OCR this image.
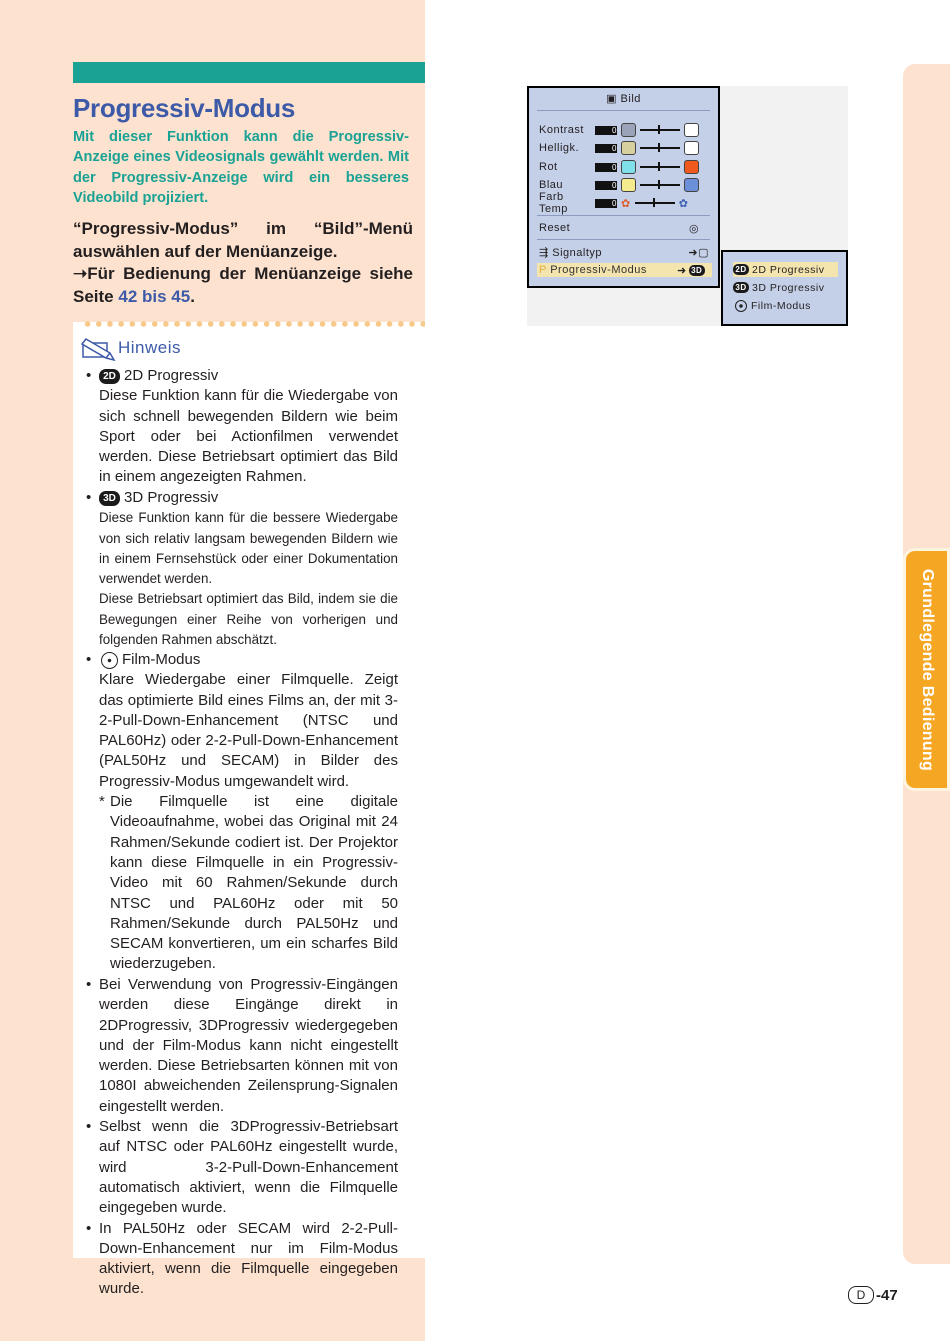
Progressiv-Modus
Mit dieser Funktion kann die Progressiv-Anzeige eines Videosignals gewählt werden. Mit der Progressiv-Anzeige wird ein besseres Videobild projiziert.
“Progressiv-Modus” im “Bild”-Menü auswählen auf der Menüanzeige.
➝Für Bedienung der Menüanzeige siehe Seite 42 bis 45.
Hinweis
•	2D 2D Progressiv
Diese Funktion kann für die Wiedergabe von sich schnell bewegenden Bildern wie beim Sport oder bei Actionfilmen verwendet werden. Diese Betriebsart optimiert das Bild in einem angezeigten Rahmen.
•	3D 3D Progressiv
Diese Funktion kann für die bessere Wiedergabe von sich relativ langsam bewegenden Bildern wie in einem Fernsehstück oder einer Dokumentation verwendet werden.
Diese Betriebsart optimiert das Bild, indem sie die Bewegungen einer Reihe von vorherigen und folgenden Rahmen abschätzt.
•	Film-Modus
Klare Wiedergabe einer Filmquelle. Zeigt das optimierte Bild eines Films an, der mit 3-2-Pull-Down-Enhancement (NTSC und PAL60Hz) oder 2-2-Pull-Down-Enhancement (PAL50Hz und SECAM) in Bilder des Progressiv-Modus umgewandelt wird.
* Die Filmquelle ist eine digitale Videoaufnahme, wobei das Original mit 24 Rahmen/Sekunde codiert ist. Der Projektor kann diese Filmquelle in ein Progressiv-Video mit 60 Rahmen/Sekunde durch NTSC und PAL60Hz oder mit 50 Rahmen/Sekunde durch PAL50Hz und SECAM konvertieren, um ein scharfes Bild wiederzugeben.
• Bei Verwendung von Progressiv-Eingängen werden diese Eingänge direkt in 2DProgressiv, 3DProgressiv wiedergegeben und der Film-Modus kann nicht eingestellt werden. Diese Betriebsarten können mit von 1080I abweichenden Zeilensprung-Signalen eingestellt werden.
• Selbst wenn die 3DProgressiv-Betriebsart auf NTSC oder PAL60Hz eingestellt wurde, wird 3-2-Pull-Down-Enhancement automatisch aktiviert, wenn die Filmquelle eingegeben wurde.
• In PAL50Hz oder SECAM wird 2-2-Pull-Down-Enhancement nur im Film-Modus aktiviert, wenn die Filmquelle eingegeben wurde.
▣ Bild
Kontrast	0
Helligk.	0
Rot	0
Blau	0
Farb Temp	0 ✿	✿
Reset	◎
⇶ Signaltyp	➜▢
P Progressiv-Modus	➜ 3D	2D 2D Progressiv
3D 3D Progressiv
Film-Modus
Grundlegende Bedienung
D -47
